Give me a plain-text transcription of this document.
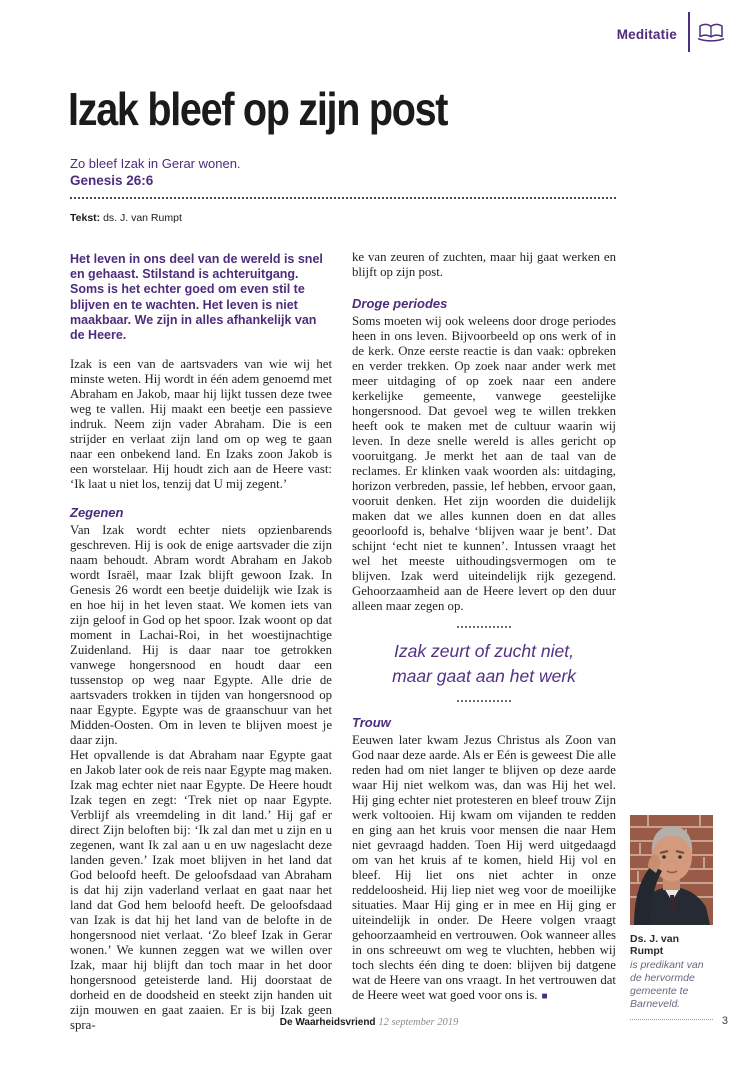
Meditatie
Izak bleef op zijn post
Zo bleef Izak in Gerar wonen.
Genesis 26:6
Tekst: ds. J. van Rumpt

Het leven in ons deel van de wereld is snel en gehaast. Stilstand is achteruitgang. Soms is het echter goed om even stil te blijven en te wachten. Het leven is niet maakbaar. We zijn in alles afhankelijk van de Heere.

Izak is een van de aartsvaders van wie wij het minste weten. Hij wordt in één adem genoemd met Abraham en Jakob, maar hij lijkt tussen deze twee weg te vallen. Hij maakt een beetje een passieve indruk. Neem zijn vader Abraham. Die is een strijder en verlaat zijn land om op weg te gaan naar een onbekend land. En Izaks zoon Jakob is een worstelaar. Hij houdt zich aan de Heere vast: ‘Ik laat u niet los, tenzij dat U mij zegent.’

Zegenen

Van Izak wordt echter niets opzienbarends geschreven. Hij is ook de enige aartsvader die zijn naam behoudt. Abram wordt Abraham en Jakob wordt Israël, maar Izak blijft gewoon Izak. In Genesis 26 wordt een beetje duidelijk wie Izak is en hoe hij in het leven staat. We komen iets van zijn geloof in God op het spoor. Izak woont op dat moment in Lachai-Roi, in het woestijnachtige Zuidenland. Hij is daar naar toe getrokken vanwege hongersnood en houdt daar een tussenstop op weg naar Egypte. Alle drie de aartsvaders trokken in tijden van hongersnood op naar Egypte. Egypte was de graanschuur van het Midden-Oosten. Om in leven te blijven moest je daar zijn.

Het opvallende is dat Abraham naar Egypte gaat en Jakob later ook de reis naar Egypte mag maken. Izak mag echter niet naar Egypte. De Heere houdt Izak tegen en zegt: ‘Trek niet op naar Egypte. Verblijf als vreemdeling in dit land.’ Hij gaf er direct Zijn beloften bij: ‘Ik zal dan met u zijn en u zegenen, want Ik zal aan u en uw nageslacht deze landen geven.’ Izak moet blijven in het land dat God beloofd heeft. De geloofsdaad van Abraham is dat hij zijn vaderland verlaat en gaat naar het land dat God hem beloofd heeft. De geloofsdaad van Izak is dat hij het land van de belofte in de hongersnood niet verlaat. ‘Zo bleef Izak in Gerar wonen.’ We kunnen zeggen wat we willen over Izak, maar hij blijft dan toch maar in het door hongersnood geteisterde land. Hij doorstaat de dorheid en de doodsheid en steekt zijn handen uit zijn mouwen en gaat zaaien. Er is bij Izak geen spra-

ke van zeuren of zuchten, maar hij gaat werken en blijft op zijn post.

Droge periodes

Soms moeten wij ook weleens door droge periodes heen in ons leven. Bijvoorbeeld op ons werk of in de kerk. Onze eerste reactie is dan vaak: opbreken en verder trekken. Op zoek naar ander werk met meer uitdaging of op zoek naar een andere kerkelijke gemeente, vanwege geestelijke hongersnood. Dat gevoel weg te willen trekken heeft ook te maken met de cultuur waarin wij leven. In deze snelle wereld is alles gericht op vooruitgang. Je merkt het aan de taal van de reclames. Er klinken vaak woorden als: uitdaging, horizon verbreden, passie, lef hebben, ervoor gaan, vooruit denken. Het zijn woorden die duidelijk maken dat we alles kunnen doen en dat alles geoorloofd is, behalve ‘blijven waar je bent’. Dat schijnt ‘echt niet te kunnen’. Intussen vraagt het wel het meeste uithoudingsvermogen om te blijven. Izak werd uiteindelijk rijk gezegend. Gehoorzaamheid aan de Heere levert op den duur alleen maar zegen op.

Izak zeurt of zucht niet,
maar gaat aan het werk
Trouw

Eeuwen later kwam Jezus Christus als Zoon van God naar deze aarde. Als er Eén is geweest Die alle reden had om niet langer te blijven op deze aarde waar Hij niet welkom was, dan was Hij het wel. Hij ging echter niet protesteren en bleef trouw Zijn werk voltooien. Hij kwam om vijanden te redden en ging aan het kruis voor mensen die naar Hem niet gevraagd hadden. Toen Hij werd uitgedaagd om van het kruis af te komen, hield Hij vol en bleef. Hij liet ons niet achter in onze reddeloosheid. Hij liep niet weg voor de moeilijke situaties. Maar Hij ging er in mee en Hij ging er uiteindelijk in onder. De Heere volgen vraagt gehoorzaamheid en vertrouwen. Ook wanneer alles in ons schreeuwt om weg te vluchten, hebben wij toch slechts één ding te doen: blijven bij datgene wat de Heere van ons vraagt. In het vertrouwen dat de Heere weet wat goed voor ons is. ■

Ds. J. van Rumpt
is predikant van de hervormde gemeente te Barneveld.
De Waarheidsvriend 12 september 2019	3
